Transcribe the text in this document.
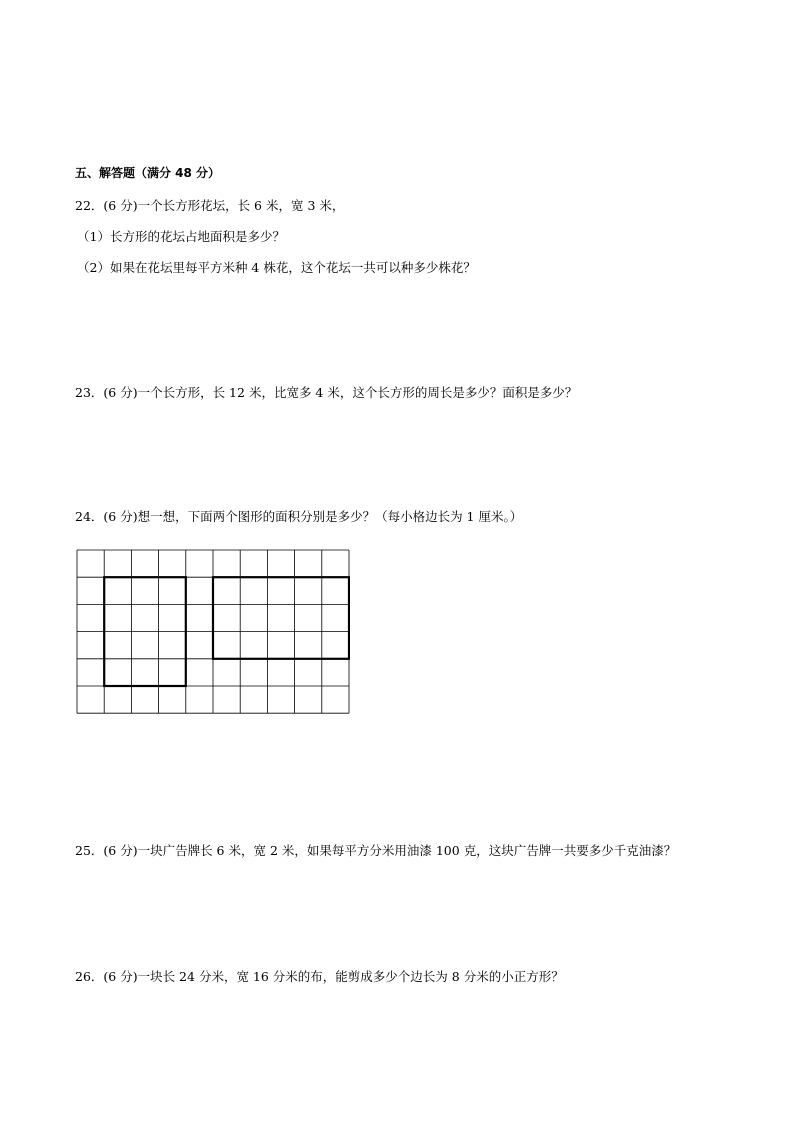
五、解答题（满分 48 分）
22．(6 分)一个长方形花坛，长 6 米，宽 3 米，
（1）长方形的花坛占地面积是多少？
（2）如果在花坛里每平方米种 4 株花，这个花坛一共可以种多少株花？
23．(6 分)一个长方形，长 12 米，比宽多 4 米，这个长方形的周长是多少？面积是多少？
24．(6 分)想一想，下面两个图形的面积分别是多少？（每小格边长为 1 厘米。）
25．(6 分)一块广告牌长 6 米，宽 2 米，如果每平方分米用油漆 100 克，这块广告牌一共要多少千克油漆？
26．(6 分)一块长 24 分米，宽 16 分米的布，能剪成多少个边长为 8 分米的小正方形？
